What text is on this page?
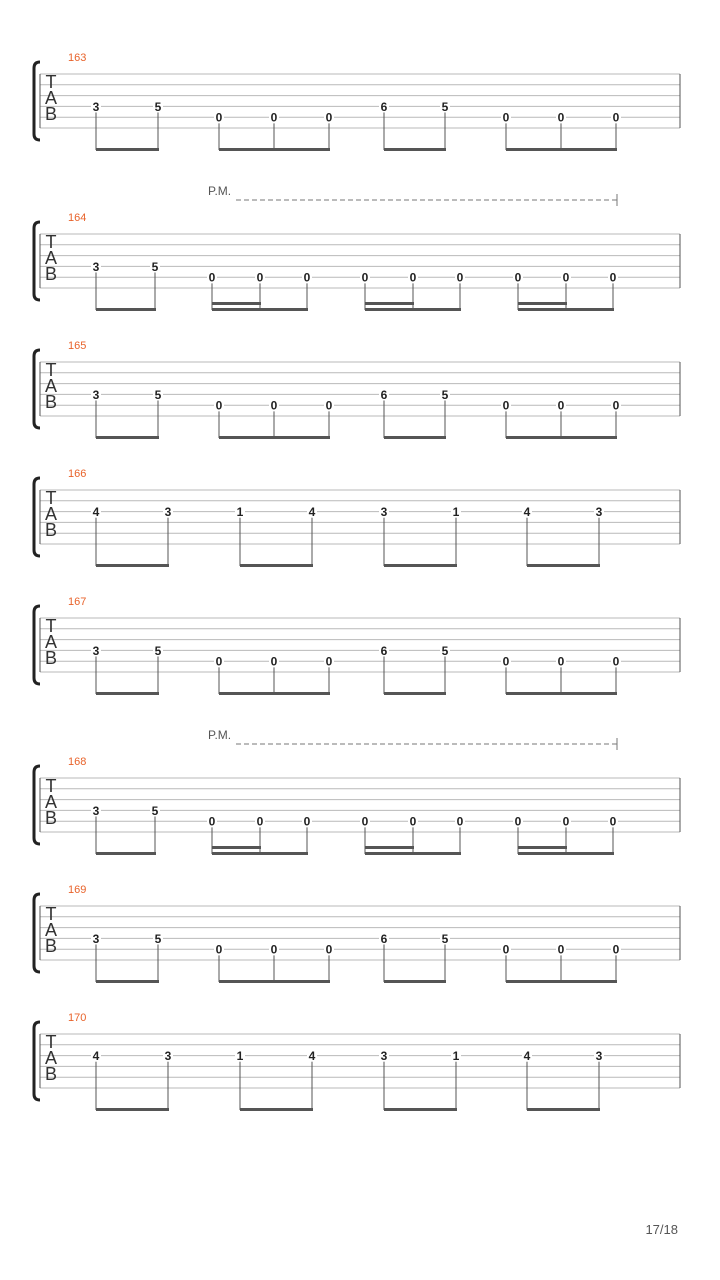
T
A
B
163
3	5
0	0	0
6	5
0	0	0
T
A
B
164
P.M.
3	5
0	0	0	0	0	0	0	0	0
T
A
B
165
3	5
0	0	0
6	5
0	0	0
T
A
B
166
4	3	1	4	3	1	4	3
T
A
B
167
3	5
0	0	0
6	5
0	0	0
T
A
B
168
P.M.
3	5
0	0	0	0	0	0	0	0	0
T
A
B
169
3	5
0	0	0
6	5
0	0	0
T
A
B
170
4	3	1	4	3	1	4	3
17/18
